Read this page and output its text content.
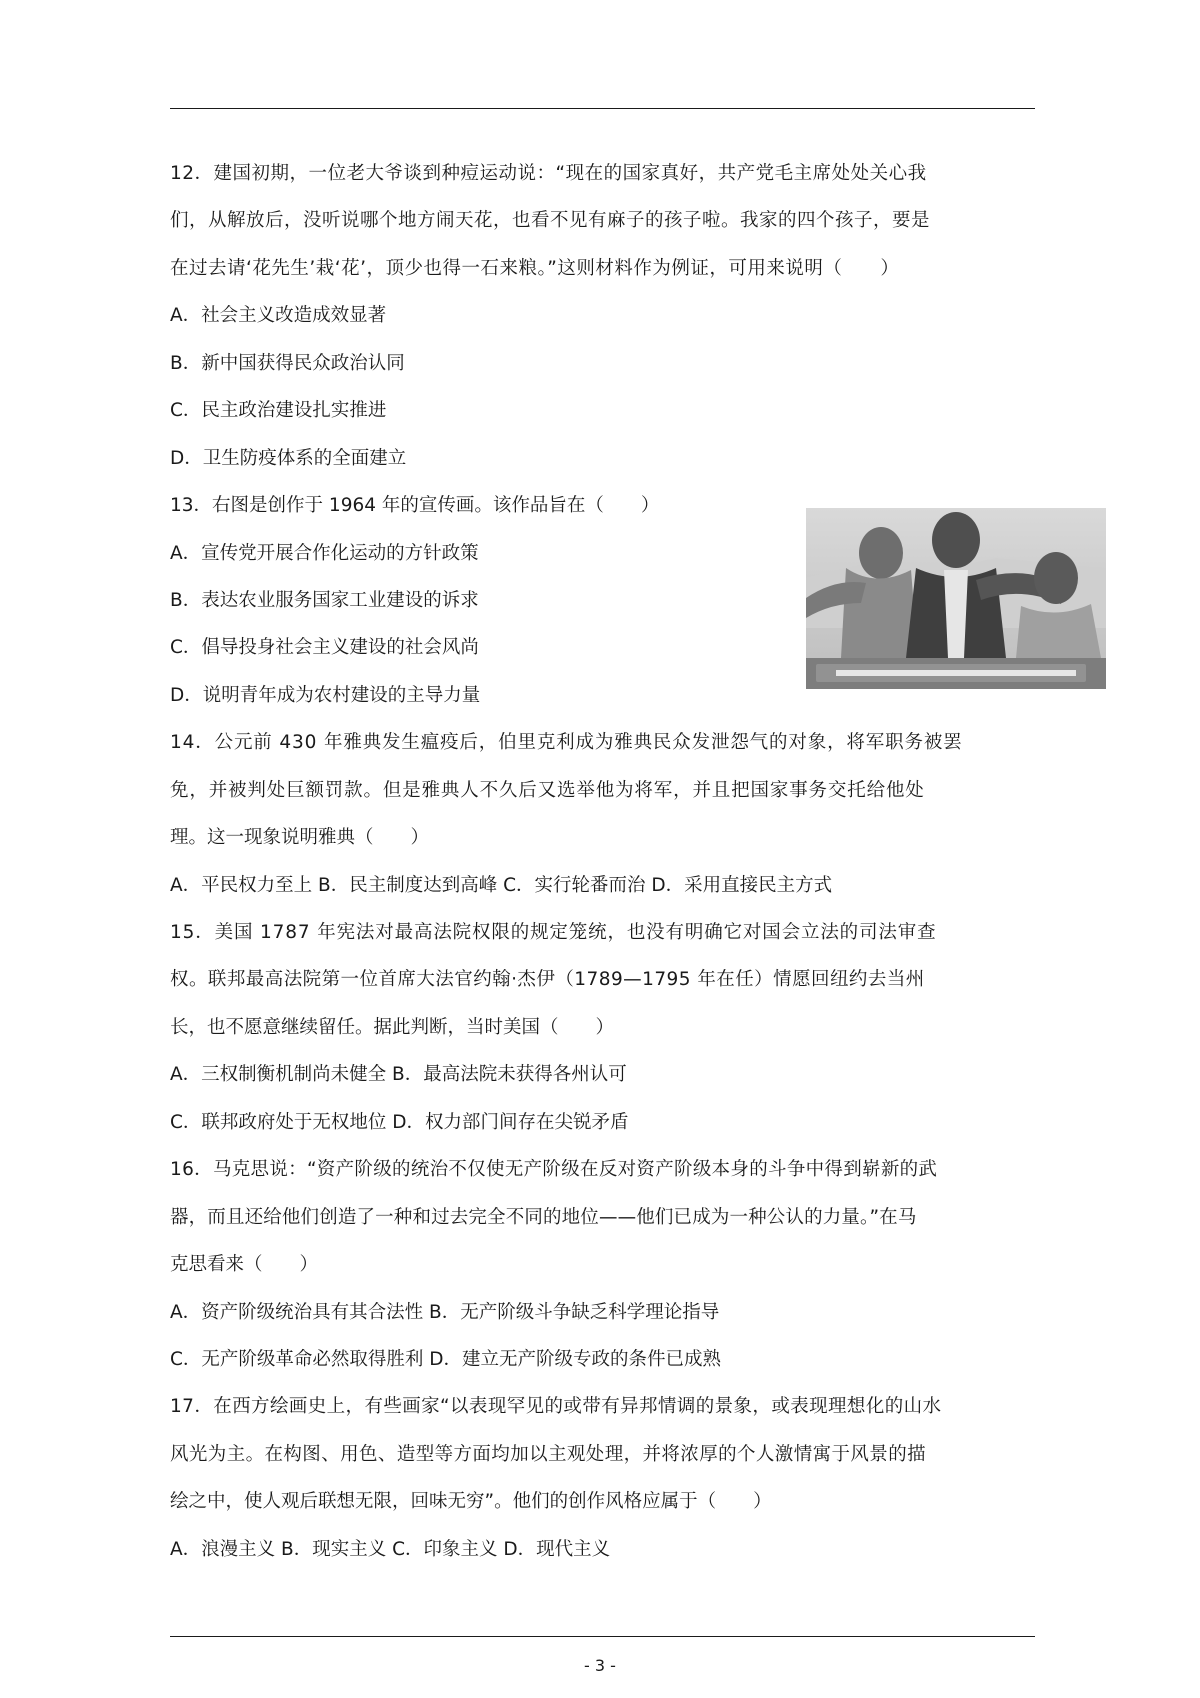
12．建国初期，一位老大爷谈到种痘运动说：“现在的国家真好，共产党毛主席处处关心我
们，从解放后，没听说哪个地方闹天花，也看不见有麻子的孩子啦。我家的四个孩子，要是
在过去请‘花先生’栽‘花’，顶少也得一石来粮。”这则材料作为例证，可用来说明（　　）
A．社会主义改造成效显著
B．新中国获得民众政治认同
C．民主政治建设扎实推进
D．卫生防疫体系的全面建立
13．右图是创作于 1964 年的宣传画。该作品旨在（　　）
A．宣传党开展合作化运动的方针政策
B．表达农业服务国家工业建设的诉求
C．倡导投身社会主义建设的社会风尚
D．说明青年成为农村建设的主导力量
14．公元前 430 年雅典发生瘟疫后，伯里克利成为雅典民众发泄怨气的对象，将军职务被罢
免，并被判处巨额罚款。但是雅典人不久后又选举他为将军，并且把国家事务交托给他处
理。这一现象说明雅典（　　）
A．平民权力至上 B．民主制度达到高峰 C．实行轮番而治 D．采用直接民主方式
15．美国 1787 年宪法对最高法院权限的规定笼统，也没有明确它对国会立法的司法审查
权。联邦最高法院第一位首席大法官约翰·杰伊（1789—1795 年在任）情愿回纽约去当州
长，也不愿意继续留任。据此判断，当时美国（　　）
A．三权制衡机制尚未健全 B．最高法院未获得各州认可
C．联邦政府处于无权地位 D．权力部门间存在尖锐矛盾
16．马克思说：“资产阶级的统治不仅使无产阶级在反对资产阶级本身的斗争中得到崭新的武
器，而且还给他们创造了一种和过去完全不同的地位——他们已成为一种公认的力量。”在马
克思看来（　　）
A．资产阶级统治具有其合法性 B．无产阶级斗争缺乏科学理论指导
C．无产阶级革命必然取得胜利 D．建立无产阶级专政的条件已成熟
17．在西方绘画史上，有些画家“以表现罕见的或带有异邦情调的景象，或表现理想化的山水
风光为主。在构图、用色、造型等方面均加以主观处理，并将浓厚的个人激情寓于风景的描
绘之中，使人观后联想无限，回味无穷”。他们的创作风格应属于（　　）
A．浪漫主义 B．现实主义 C．印象主义 D．现代主义
- 3 -
